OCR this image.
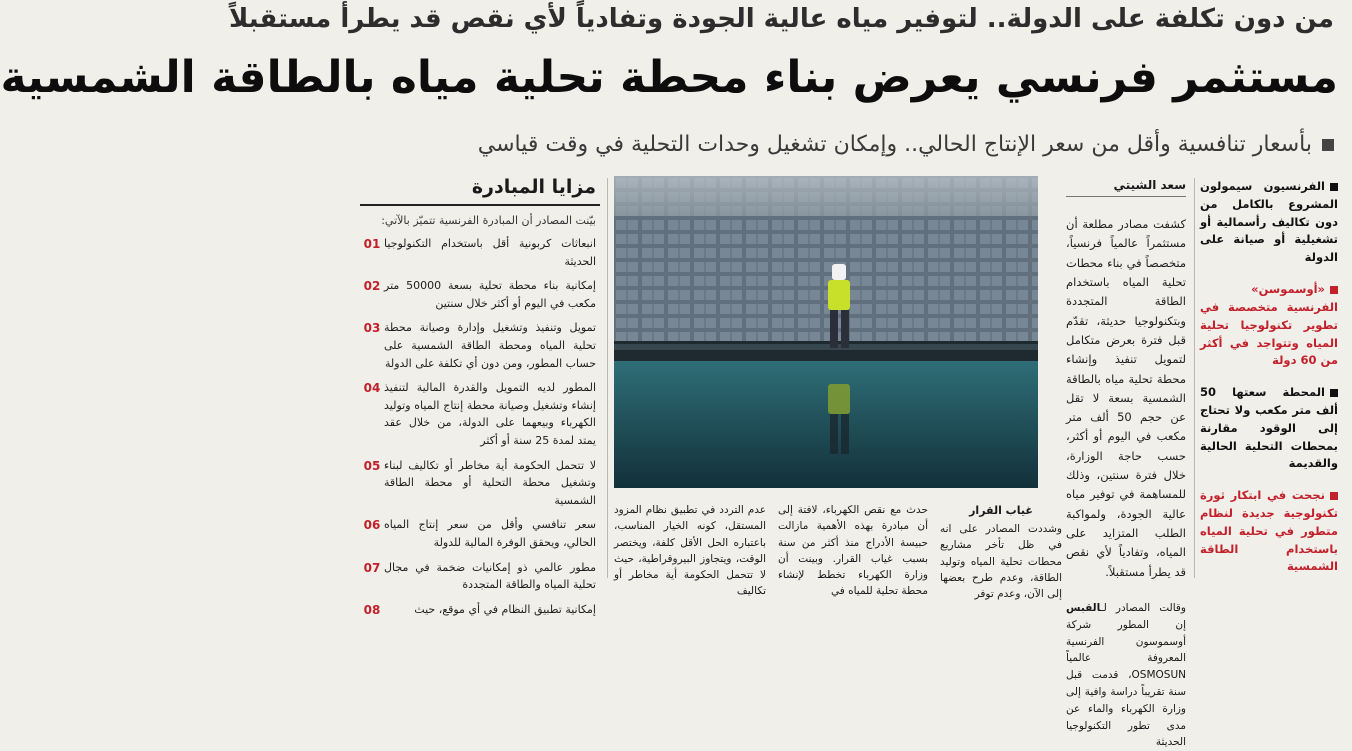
من دون تكلفة على الدولة.. لتوفير مياه عالية الجودة وتفادياً لأي نقص قد يطرأ مستقبلاً
مستثمر فرنسي يعرض بناء محطة تحلية مياه بالطاقة الشمسية
بأسعار تنافسية وأقل من سعر الإنتاج الحالي.. وإمكان تشغيل وحدات التحلية في وقت قياسي
الفرنسيون سيمولون المشروع بالكامل من دون تكاليف رأسمالية أو تشغيلية أو صيانة على الدولة
«أوسموسن» الفرنسية متخصصة في تطوير تكنولوجيا تحلية المياه وتتواجد في أكثر من 60 دولة
المحطة سعتها 50 ألف متر مكعب ولا تحتاج إلى الوقود مقارنة بمحطات التحلية الحالية والقديمة
نجحت في ابتكار ثورة تكنولوجية جديدة لنظام متطور في تحلية المياه باستخدام الطاقة الشمسية
سعد الشيتي
كشفت مصادر مطلعة أن مستثمراً عالمياً فرنسياً، متخصصاً في بناء محطات تحلية المياه باستخدام الطاقة المتجددة وبتكنولوجيا حديثة، تقدّم قبل فترة بعرض متكامل لتمويل تنفيذ وإنشاء محطة تحلية مياه بالطاقة الشمسية بسعة لا تقل عن حجم 50 ألف متر مكعب في اليوم أو أكثر، حسب حاجة الوزارة، خلال فترة سنتين، وذلك للمساهمة في توفير مياه عالية الجودة، ولمواكبة الطلب المتزايد على المياه، وتفادياً لأي نقص قد يطرأ مستقبلاً.
وقالت المصادر لـالقبس إن المطور شركة أوسموسون الفرنسية المعروفة عالمياً OSMOSUN، قدمت قبل سنة تقريباً دراسة وافية إلى وزارة الكهرباء والماء عن مدى تطور التكنولوجيا الحديثة
غياب القرار
وشددت المصادر على انه في ظل تأخر مشاريع محطات تحلية المياه وتوليد الطاقة، وعدم طرح بعضها إلى الآن، وعدم توفر
حدث مع نقص الكهرباء، لافتة إلى أن مبادرة بهذه الأهمية مازالت حبيسة الأدراج منذ أكثر من سنة بسبب غياب القرار. وبينت أن وزارة الكهرباء تخطط لإنشاء محطة تحلية للمياه في
عدم التردد في تطبيق نظام المزود المستقل، كونه الخيار المناسب، باعتباره الحل الأقل كلفة، ويختصر الوقت، ويتجاوز البيروقراطية، حيث لا تتحمل الحكومة أية مخاطر أو تكاليف
مزايا المبادرة
بيّنت المصادر أن المبادرة الفرنسية تتميّز بالآتي:
انبعاثات كربونية أقل باستخدام التكنولوجيا الحديثة
01
إمكانية بناء محطة تحلية بسعة 50000 متر مكعب في اليوم أو أكثر خلال سنتين
02
تمويل وتنفيذ وتشغيل وإدارة وصيانة محطة تحلية المياه ومحطة الطاقة الشمسية على حساب المطور، ومن دون أي تكلفة على الدولة
03
المطور لديه التمويل والقدرة المالية لتنفيذ إنشاء وتشغيل وصيانة محطة إنتاج المياه وتوليد الكهرباء وبيعهما على الدولة، من خلال عقد يمتد لمدة 25 سنة أو أكثر
04
لا تتحمل الحكومة أية مخاطر أو تكاليف لبناء وتشغيل محطة التحلية أو محطة الطاقة الشمسية
05
سعر تنافسي وأقل من سعر إنتاج المياه الحالي، ويحقق الوفرة المالية للدولة
06
مطور عالمي ذو إمكانيات ضخمة في مجال تحلية المياه والطاقة المتجددة
07
إمكانية تطبيق النظام في أي موقع، حيث
08
